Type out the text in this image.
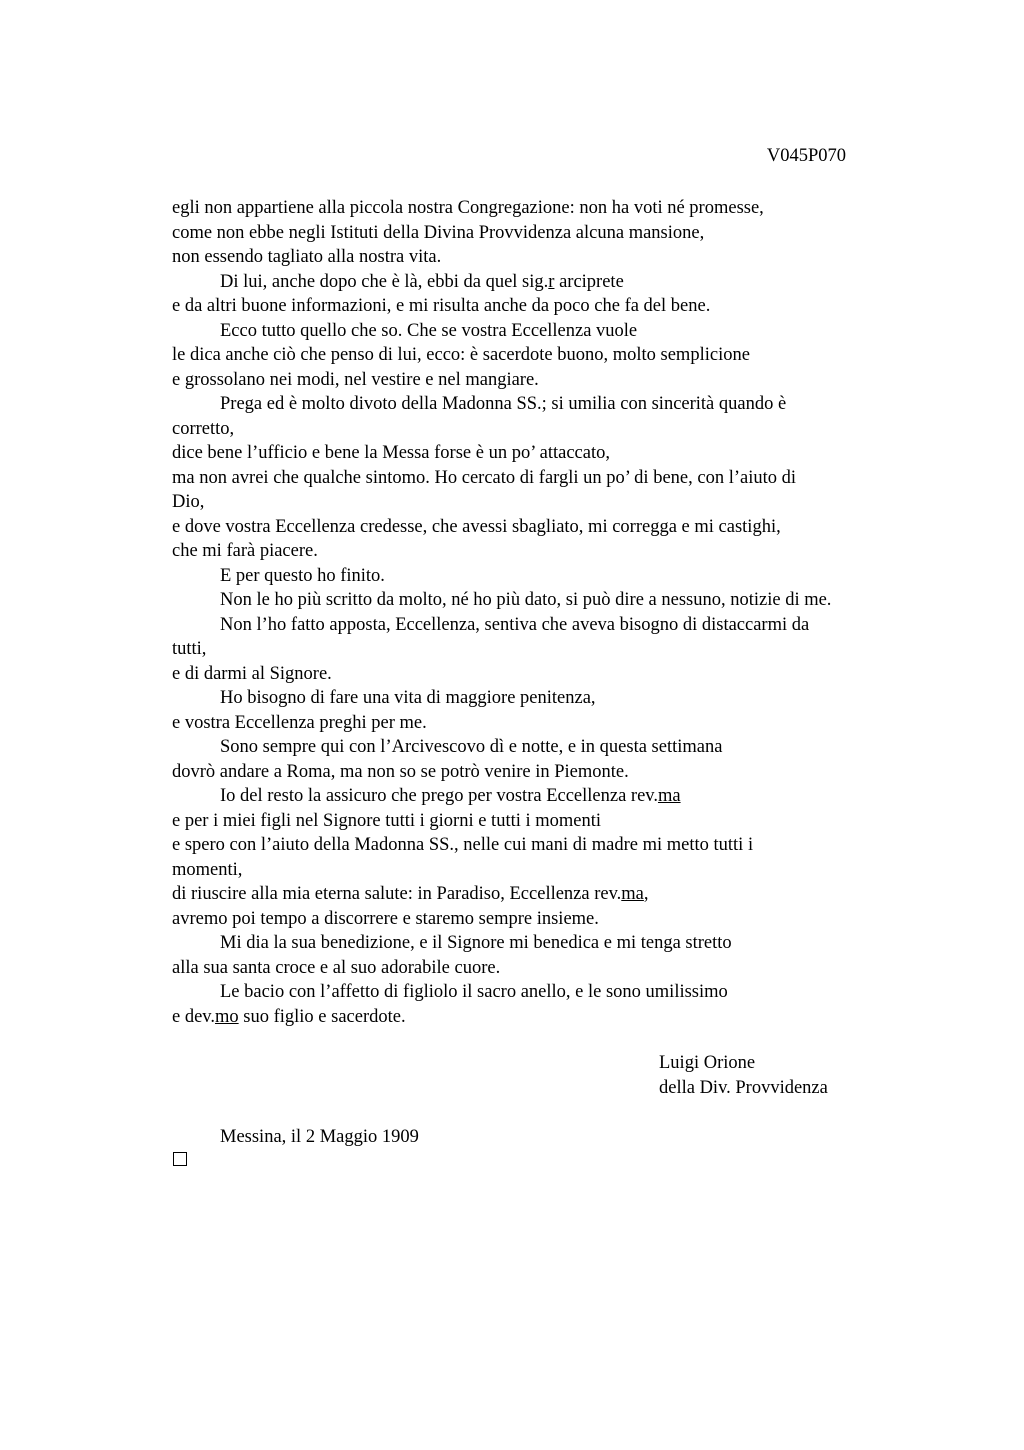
V045P070
egli non appartiene alla piccola nostra Congregazione: non ha voti né promesse,
come non ebbe negli Istituti della Divina Provvidenza alcuna mansione,
non essendo tagliato alla nostra vita.
Di lui, anche dopo che è là, ebbi da quel sig.r arciprete
e da altri buone informazioni, e mi risulta anche da poco che fa del bene.
Ecco tutto quello che so. Che se vostra Eccellenza vuole
le dica anche ciò che penso di lui, ecco: è sacerdote buono, molto semplicione
e grossolano nei modi, nel vestire e nel mangiare.
Prega ed è molto divoto della Madonna SS.; si umilia con sincerità quando è
corretto,
dice bene l’ufficio e bene la Messa forse è un po’ attaccato,
ma non avrei che qualche sintomo. Ho cercato di fargli un po’ di bene, con l’aiuto di
Dio,
e dove vostra Eccellenza credesse, che avessi sbagliato, mi corregga e mi castighi,
che mi farà piacere.
E per questo ho finito.
Non le ho più scritto da molto, né ho più dato, si può dire a nessuno, notizie di me.
Non l’ho fatto apposta, Eccellenza, sentiva che aveva bisogno di distaccarmi da
tutti,
e di darmi al Signore.
Ho bisogno di fare una vita di maggiore penitenza,
e vostra Eccellenza preghi per me.
Sono sempre qui con l’Arcivescovo dì e notte, e in questa settimana
dovrò andare a Roma, ma non so se potrò venire in Piemonte.
Io del resto la assicuro che prego per vostra Eccellenza rev.ma
e per i miei figli nel Signore tutti i giorni e tutti i momenti
e spero con l’aiuto della Madonna SS., nelle cui mani di madre mi metto tutti i
momenti,
di riuscire alla mia eterna salute: in Paradiso, Eccellenza rev.ma,
avremo poi tempo a discorrere e staremo sempre insieme.
Mi dia la sua benedizione, e il Signore mi benedica e mi tenga stretto
alla sua santa croce e al suo adorabile cuore.
Le bacio con l’affetto di figliolo il sacro anello, e le sono umilissimo
e dev.mo suo figlio e sacerdote.
Luigi Orione
della Div. Provvidenza
Messina, il 2 Maggio 1909
